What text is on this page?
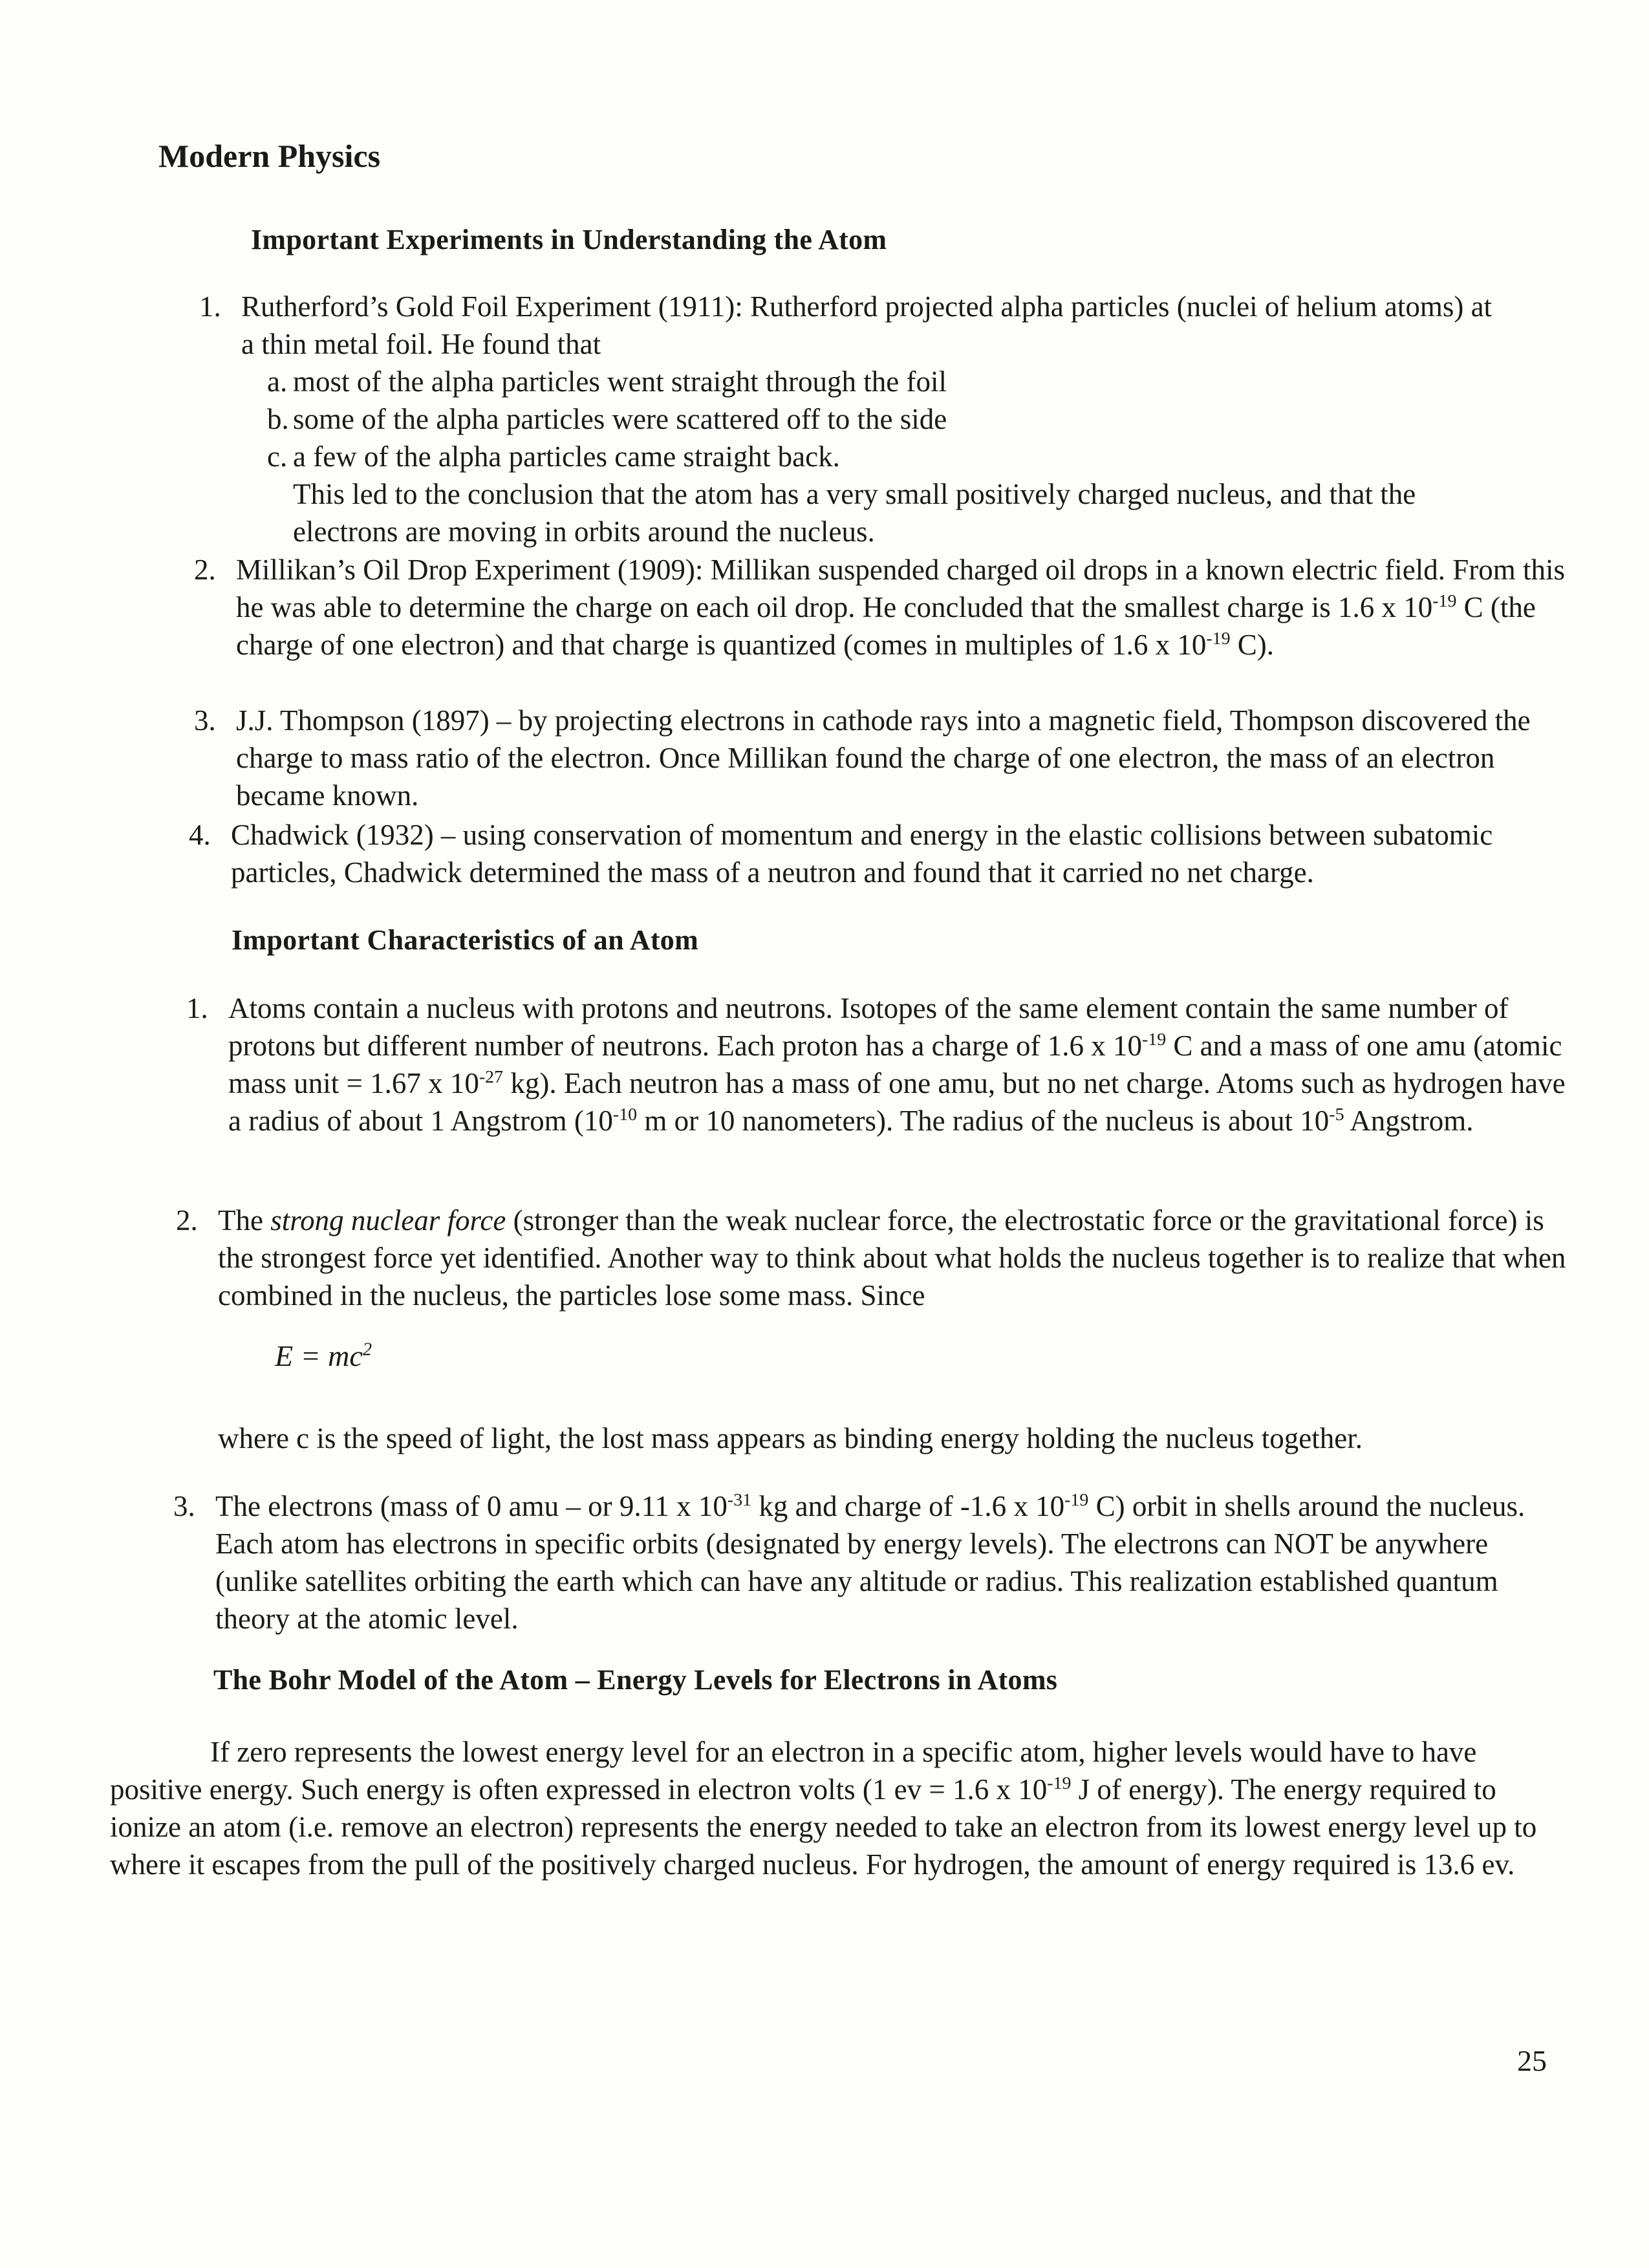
Modern Physics
Important Experiments in Understanding the Atom
1. Rutherford’s Gold Foil Experiment (1911): Rutherford projected alpha particles (nuclei of helium atoms) at a thin metal foil. He found that
a. most of the alpha particles went straight through the foil
b. some of the alpha particles were scattered off to the side
c. a few of the alpha particles came straight back.
This led to the conclusion that the atom has a very small positively charged nucleus, and that the electrons are moving in orbits around the nucleus.
2. Millikan’s Oil Drop Experiment (1909): Millikan suspended charged oil drops in a known electric field. From this he was able to determine the charge on each oil drop. He concluded that the smallest charge is 1.6 x $10^{-19}$ C (the charge of one electron) and that charge is quantized (comes in multiples of 1.6 x $10^{-19}$ C).
3. J.J. Thompson (1897) – by projecting electrons in cathode rays into a magnetic field, Thompson discovered the charge to mass ratio of the electron. Once Millikan found the charge of one electron, the mass of an electron became known.
4. Chadwick (1932) – using conservation of momentum and energy in the elastic collisions between subatomic particles, Chadwick determined the mass of a neutron and found that it carried no net charge.
Important Characteristics of an Atom
1. Atoms contain a nucleus with protons and neutrons. Isotopes of the same element contain the same number of protons but different number of neutrons. Each proton has a charge of 1.6 x $10^{-19}$ C and a mass of one amu (atomic mass unit = 1.67 x $10^{-27}$ kg). Each neutron has a mass of one amu, but no net charge. Atoms such as hydrogen have a radius of about 1 Angstrom ($10^{-10}$ m or 10 nanometers). The radius of the nucleus is about $10^{-5}$ Angstrom.
2. The strong nuclear force (stronger than the weak nuclear force, the electrostatic force or the gravitational force) is the strongest force yet identified. Another way to think about what holds the nucleus together is to realize that when combined in the nucleus, the particles lose some mass. Since
$E = mc^2$
where c is the speed of light, the lost mass appears as binding energy holding the nucleus together.
3. The electrons (mass of 0 amu – or 9.11 x $10^{-31}$ kg and charge of -1.6 x $10^{-19}$ C) orbit in shells around the nucleus. Each atom has electrons in specific orbits (designated by energy levels). The electrons can NOT be anywhere (unlike satellites orbiting the earth which can have any altitude or radius. This realization established quantum theory at the atomic level.
The Bohr Model of the Atom – Energy Levels for Electrons in Atoms
If zero represents the lowest energy level for an electron in a specific atom, higher levels would have to have positive energy. Such energy is often expressed in electron volts (1 ev = 1.6 x $10^{-19}$ J of energy). The energy required to ionize an atom (i.e. remove an electron) represents the energy needed to take an electron from its lowest energy level up to where it escapes from the pull of the positively charged nucleus. For hydrogen, the amount of energy required is 13.6 ev.
25
